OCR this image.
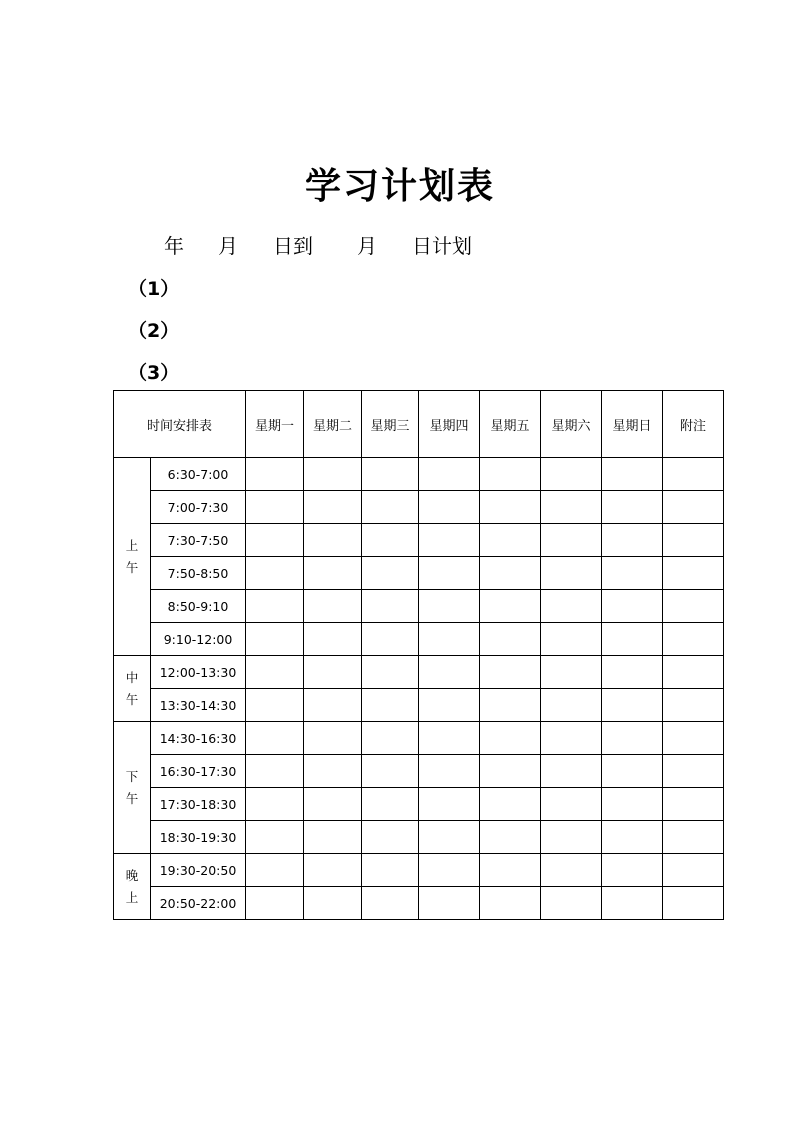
学习计划表
年 月 日到 月 日计划
（1）
（2）
（3）
时间安排表		星期一	星期二	星期三	星期四	星期五	星期六	星期日	附注

上
午	6:30-7:00								
	7:00-7:30								
	7:30-7:50								
	7:50-8:50								
	8:50-9:10								
	9:10-12:00								

中
午	12:00-13:30								
	13:30-14:30								

下
午	14:30-16:30								
	16:30-17:30								
	17:30-18:30								
	18:30-19:30								

晚
上	19:30-20:50								
	20:50-22:00								
